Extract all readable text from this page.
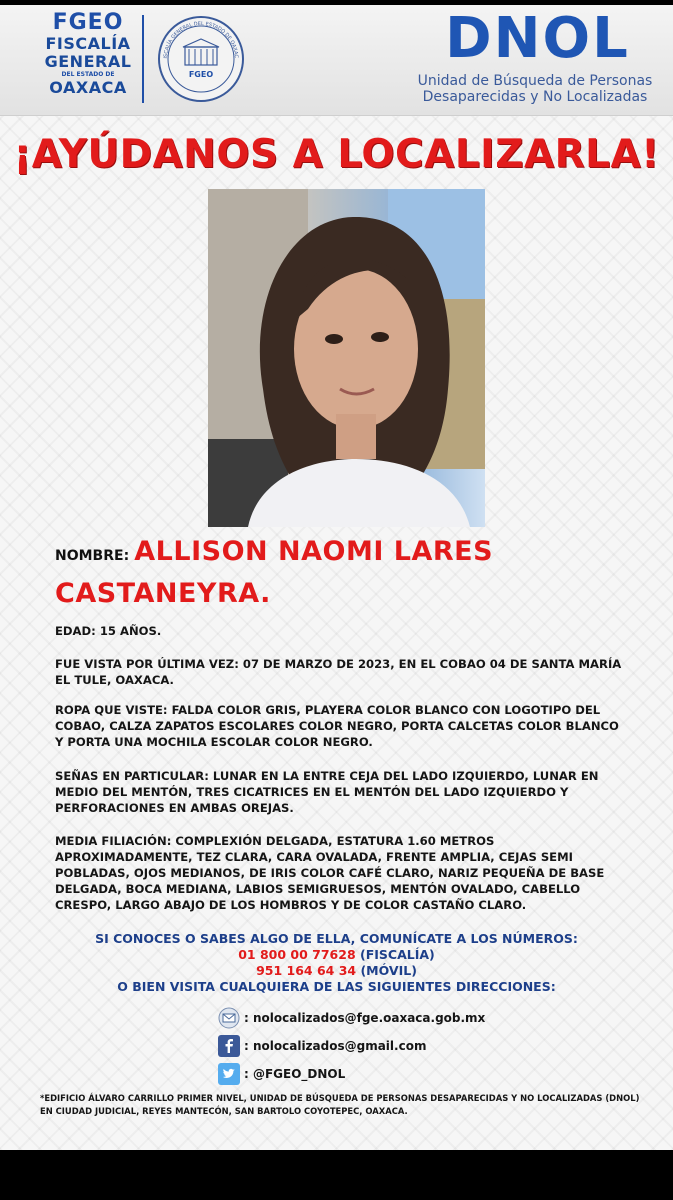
FGEO
FISCALÍA
GENERAL
DEL ESTADO DE
OAXACA
FGEO
ISCALÍA GENERAL DEL ESTADO DE OAXAC	DNOL
Unidad de Búsqueda de Personas
Desaparecidas y No Localizadas
¡AYÚDANOS A LOCALIZARLA!
NOMBRE: ALLISON NAOMI LARES
CASTANEYRA.
EDAD: 15 AÑOS.
FUE VISTA POR ÚLTIMA VEZ: 07 DE MARZO DE 2023, EN EL COBAO 04 DE SANTA MARÍA EL TULE, OAXACA.
ROPA QUE VISTE: FALDA COLOR GRIS, PLAYERA COLOR BLANCO CON LOGOTIPO DEL COBAO, CALZA ZAPATOS ESCOLARES COLOR NEGRO, PORTA CALCETAS COLOR BLANCO Y PORTA UNA MOCHILA ESCOLAR COLOR NEGRO.
SEÑAS EN PARTICULAR: LUNAR EN LA ENTRE CEJA DEL LADO IZQUIERDO, LUNAR EN MEDIO DEL MENTÓN, TRES CICATRICES EN EL MENTÓN DEL LADO IZQUIERDO Y PERFORACIONES EN AMBAS OREJAS.
MEDIA FILIACIÓN: COMPLEXIÓN DELGADA, ESTATURA 1.60 METROS APROXIMADAMENTE, TEZ CLARA, CARA OVALADA, FRENTE AMPLIA, CEJAS SEMI POBLADAS, OJOS MEDIANOS, DE IRIS COLOR CAFÉ CLARO, NARIZ PEQUEÑA DE BASE DELGADA, BOCA MEDIANA, LABIOS SEMIGRUESOS, MENTÓN OVALADO, CABELLO CRESPO, LARGO ABAJO DE LOS HOMBROS Y DE COLOR CASTAÑO CLARO.
SI CONOCES O SABES ALGO DE ELLA, COMUNÍCATE A LOS NÚMEROS:
01 800 00 77628 (FISCALÍA)
951 164 64 34 (MÓVIL)
O BIEN VISITA CUALQUIERA DE LAS SIGUIENTES DIRECCIONES:
: nolocalizados@fge.oaxaca.gob.mx
: nolocalizados@gmail.com
: @FGEO_DNOL
*EDIFICIO ÁLVARO CARRILLO PRIMER NIVEL, UNIDAD DE BÚSQUEDA DE PERSONAS DESAPARECIDAS Y NO LOCALIZADAS (DNOL) EN CIUDAD JUDICIAL, REYES MANTECÓN, SAN BARTOLO COYOTEPEC, OAXACA.
